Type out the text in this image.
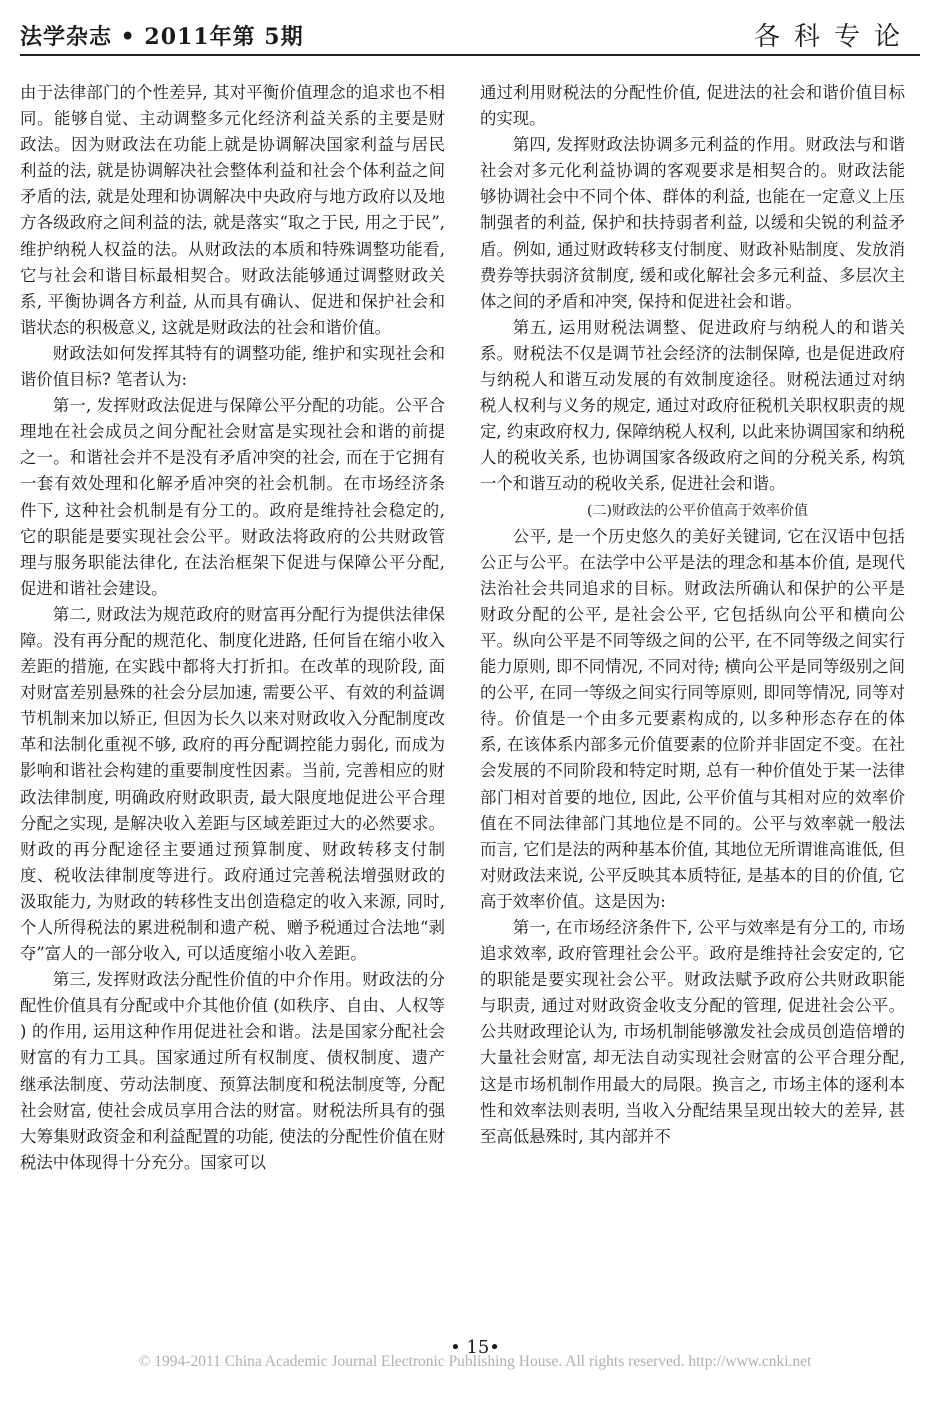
法学杂志 • 2011年第 5期	各科专论

由于法律部门的个性差异, 其对平衡价值理念的追求也不相同。能够自觉、主动调整多元化经济利益关系的主要是财政法。因为财政法在功能上就是协调解决国家利益与居民利益的法, 就是协调解决社会整体利益和社会个体利益之间矛盾的法, 就是处理和协调解决中央政府与地方政府以及地方各级政府之间利益的法, 就是落实“取之于民, 用之于民”, 维护纳税人权益的法。从财政法的本质和特殊调整功能看, 它与社会和谐目标最相契合。财政法能够通过调整财政关系, 平衡协调各方利益, 从而具有确认、促进和保护社会和谐状态的积极意义, 这就是财政法的社会和谐价值。

财政法如何发挥其特有的调整功能, 维护和实现社会和谐价值目标? 笔者认为:

第一, 发挥财政法促进与保障公平分配的功能。公平合理地在社会成员之间分配社会财富是实现社会和谐的前提之一。和谐社会并不是没有矛盾冲突的社会, 而在于它拥有一套有效处理和化解矛盾冲突的社会机制。在市场经济条件下, 这种社会机制是有分工的。政府是维持社会稳定的, 它的职能是要实现社会公平。财政法将政府的公共财政管理与服务职能法律化, 在法治框架下促进与保障公平分配, 促进和谐社会建设。

第二, 财政法为规范政府的财富再分配行为提供法律保障。没有再分配的规范化、制度化进路, 任何旨在缩小收入差距的措施, 在实践中都将大打折扣。在改革的现阶段, 面对财富差别悬殊的社会分层加速, 需要公平、有效的利益调节机制来加以矫正, 但因为长久以来对财政收入分配制度改革和法制化重视不够, 政府的再分配调控能力弱化, 而成为影响和谐社会构建的重要制度性因素。当前, 完善相应的财政法律制度, 明确政府财政职责, 最大限度地促进公平合理分配之实现, 是解决收入差距与区域差距过大的必然要求。财政的再分配途径主要通过预算制度、财政转移支付制度、税收法律制度等进行。政府通过完善税法增强财政的汲取能力, 为财政的转移性支出创造稳定的收入来源, 同时, 个人所得税法的累进税制和遗产税、赠予税通过合法地“剥夺”富人的一部分收入, 可以适度缩小收入差距。

第三, 发挥财政法分配性价值的中介作用。财政法的分配性价值具有分配或中介其他价值 (如秩序、自由、人权等 ) 的作用, 运用这种作用促进社会和谐。法是国家分配社会财富的有力工具。国家通过所有权制度、债权制度、遗产继承法制度、劳动法制度、预算法制度和税法制度等, 分配社会财富, 使社会成员享用合法的财富。财税法所具有的强大筹集财政资金和利益配置的功能, 使法的分配性价值在财税法中体现得十分充分。国家可以

通过利用财税法的分配性价值, 促进法的社会和谐价值目标的实现。

第四, 发挥财政法协调多元利益的作用。财政法与和谐社会对多元化利益协调的客观要求是相契合的。财政法能够协调社会中不同个体、群体的利益, 也能在一定意义上压制强者的利益, 保护和扶持弱者利益, 以缓和尖锐的利益矛盾。例如, 通过财政转移支付制度、财政补贴制度、发放消费券等扶弱济贫制度, 缓和或化解社会多元利益、多层次主体之间的矛盾和冲突, 保持和促进社会和谐。

第五, 运用财税法调整、促进政府与纳税人的和谐关系。财税法不仅是调节社会经济的法制保障, 也是促进政府与纳税人和谐互动发展的有效制度途径。财税法通过对纳税人权利与义务的规定, 通过对政府征税机关职权职责的规定, 约束政府权力, 保障纳税人权利, 以此来协调国家和纳税人的税收关系, 也协调国家各级政府之间的分税关系, 构筑一个和谐互动的税收关系, 促进社会和谐。

(二)财政法的公平价值高于效率价值

公平, 是一个历史悠久的美好关键词, 它在汉语中包括公正与公平。在法学中公平是法的理念和基本价值, 是现代法治社会共同追求的目标。财政法所确认和保护的公平是财政分配的公平, 是社会公平, 它包括纵向公平和横向公平。纵向公平是不同等级之间的公平, 在不同等级之间实行能力原则, 即不同情况, 不同对待; 横向公平是同等级别之间的公平, 在同一等级之间实行同等原则, 即同等情况, 同等对待。价值是一个由多元要素构成的, 以多种形态存在的体系, 在该体系内部多元价值要素的位阶并非固定不变。在社会发展的不同阶段和特定时期, 总有一种价值处于某一法律部门相对首要的地位, 因此, 公平价值与其相对应的效率价值在不同法律部门其地位是不同的。公平与效率就一般法而言, 它们是法的两种基本价值, 其地位无所谓谁高谁低, 但对财政法来说, 公平反映其本质特征, 是基本的目的价值, 它高于效率价值。这是因为:

第一, 在市场经济条件下, 公平与效率是有分工的, 市场追求效率, 政府管理社会公平。政府是维持社会安定的, 它的职能是要实现社会公平。财政法赋予政府公共财政职能与职责, 通过对财政资金收支分配的管理, 促进社会公平。公共财政理论认为, 市场机制能够激发社会成员创造倍增的大量社会财富, 却无法自动实现社会财富的公平合理分配, 这是市场机制作用最大的局限。换言之, 市场主体的逐利本性和效率法则表明, 当收入分配结果呈现出较大的差异, 甚至高低悬殊时, 其内部并不

• 15•
© 1994-2011 China Academic Journal Electronic Publishing House. All rights reserved. http://www.cnki.net
